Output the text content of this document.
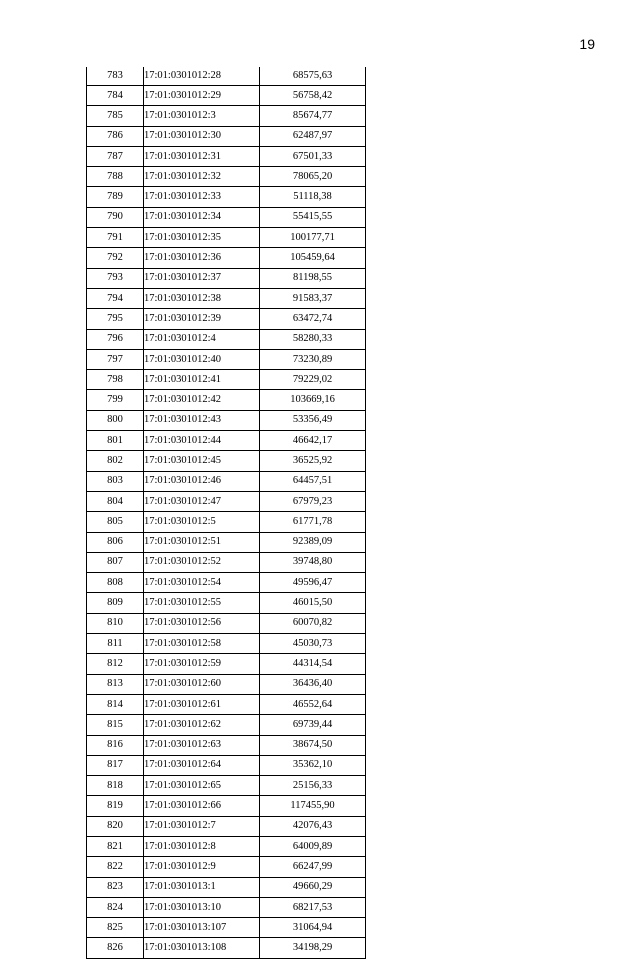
19
783	17:01:0301012:28	68575,63
784	17:01:0301012:29	56758,42
785	17:01:0301012:3	85674,77
786	17:01:0301012:30	62487,97
787	17:01:0301012:31	67501,33
788	17:01:0301012:32	78065,20
789	17:01:0301012:33	51118,38
790	17:01:0301012:34	55415,55
791	17:01:0301012:35	100177,71
792	17:01:0301012:36	105459,64
793	17:01:0301012:37	81198,55
794	17:01:0301012:38	91583,37
795	17:01:0301012:39	63472,74
796	17:01:0301012:4	58280,33
797	17:01:0301012:40	73230,89
798	17:01:0301012:41	79229,02
799	17:01:0301012:42	103669,16
800	17:01:0301012:43	53356,49
801	17:01:0301012:44	46642,17
802	17:01:0301012:45	36525,92
803	17:01:0301012:46	64457,51
804	17:01:0301012:47	67979,23
805	17:01:0301012:5	61771,78
806	17:01:0301012:51	92389,09
807	17:01:0301012:52	39748,80
808	17:01:0301012:54	49596,47
809	17:01:0301012:55	46015,50
810	17:01:0301012:56	60070,82
811	17:01:0301012:58	45030,73
812	17:01:0301012:59	44314,54
813	17:01:0301012:60	36436,40
814	17:01:0301012:61	46552,64
815	17:01:0301012:62	69739,44
816	17:01:0301012:63	38674,50
817	17:01:0301012:64	35362,10
818	17:01:0301012:65	25156,33
819	17:01:0301012:66	117455,90
820	17:01:0301012:7	42076,43
821	17:01:0301012:8	64009,89
822	17:01:0301012:9	66247,99
823	17:01:0301013:1	49660,29
824	17:01:0301013:10	68217,53
825	17:01:0301013:107	31064,94
826	17:01:0301013:108	34198,29
